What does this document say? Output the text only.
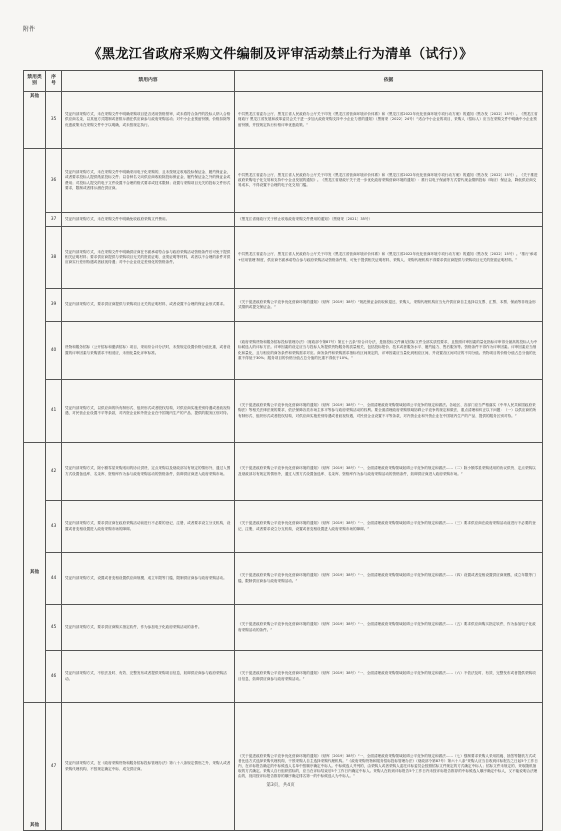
附件
《黑龙江省政府采购文件编制及评审活动禁止行为清单（试行）》
禁用类别	序号	禁用内容	依据
其他	35	凭证内部采购方式，未在采购文件中明确采购项目是否适用资格预审，或未将符合条件的投标人纳入合格供应商名录，以其他方式限制或者排斥潜在供应商参与政府采购活动；对中小企业预留份额、价格扣除等优惠政策未在采购文件中予以明确，或未按规定执行。	中共黑龙江省委办公厅、黑龙江省人民政府办公厅关于印发《黑龙江省营商环境评价体系》和《黑龙江省2022年优化营商环境专项行动方案》的通知（黑办发〔2022〕15号）。《黑龙江省财政厅 黑龙江省发展和改革委员会关于进一步加大政府采购支持中小企业力度的通知》（黑财采〔2022〕24号）“适合中小企业的项目，采购人（招标人）应当在采购文件中明确中小企业预留份额，并按规定执行价格评审优惠政策。”
	36	凭证内部采购方式，未在采购文件中明确采用电子化采购的，且未按规定收取投标保证金、履约保证金，或者要求投标人提供纸质投标文件；以各种名义向供应商收取除投标保证金、履约保证金之外的保证金或费用；对投标人提交的电子文件设置不合理的格式要求或技术限制；设置与采购项目无关的投标文件形式要求，限制或者排斥潜在供应商。	中共黑龙江省委办公厅、黑龙江省人民政府办公厅关于印发《黑龙江省营商环境评价体系》和《黑龙江省2022年优化营商环境专项行动方案》的通知（黑办发〔2022〕15号）。《关于推进政府采购电子化交易和支持中小企业发展的通知》。《黑龙江省财政厅关于进一步优化政府采购营商环境的通知》：推行以电子保函等方式替代现金缴纳投标（响应）保证金，降低供应商交易成本，不得设置不合理的电子化交易门槛。
	37	凭证内部采购方式，未在采购文件中明确免收政府采购文件费用。	《黑龙江省财政厅关于停止收取政府采购文件费用的通知》（黑财采〔2021〕35号）
	38	凭证内部采购方式，未在采购文件中明确供应商在书面承诺符合参与政府采购活动资格条件后可免于提供相关证明材料；要求供应商提供与采购项目无关的资质证明、业绩证明等材料，或者以不合理的条件对供应商实行差别待遇或者歧视待遇；对中小企业设定差别化的资格条件。	中共黑龙江省委办公厅、黑龙江省人民政府办公厅关于印发《黑龙江省营商环境评价体系》和《黑龙江省2022年优化营商环境专项行动方案》的通知（黑办发〔2022〕15号）。“推行‘承诺+信用管理’制度，供应商书面承诺符合参与政府采购活动资格条件的，可免于提供相关证明材料，采购人、采购代理机构不得要求供应商提供与采购项目无关的资质证明材料。”
	39	凭证内部采购方式，要求供应商提供与采购项目无关的证明材料，或者设置不合理的保证金形式要求。	《关于促进政府采购公平竞争优化营商环境的通知》（财库〔2019〕38号）“规范保证金收取和退还，采购人、采购代理机构应当允许供应商自主选择以支票、汇票、本票、保函等非现金形式缴纳或提交保证金。”
	40	货物和服务招标（公开招标和邀请招标）项目，采用综合评分法时，未按规定设置价格分值比重，或者设置的评审因素与采购需求不相适应，未细化量化评审标准。	《政府采购货物和服务招标投标管理办法》（财政部令第87号）第五十五条“综合评分法，是指投标文件满足招标文件全部实质性要求，且按照评审因素的量化指标评审得分最高的投标人为中标候选人的评标方法。评审因素的设定应当与投标人所提供货物服务的质量相关，包括投标报价、技术或者服务水平、履约能力、售后服务等。资格条件不得作为评审因素。评审因素应当细化和量化，且与相应的商务条件和采购需求对应。商务条件和采购需求指标有区间规定的，评审因素应当量化到相应区间，并设置各区间对应的不同分值。货物项目的价格分值占总分值的比重不得低于30%；服务项目的价格分值占总分值的比重不得低于10%。”
	41	凭证内部采购方式，以供应商的所有制形式、组织形式或者股权结构，对供应商实施差别待遇或者歧视待遇，对民营企业设置不平等条款，对内资企业和外资企业在中国境内生产的产品、提供的服务区别对待。	《关于促进政府采购公平竞争优化营商环境的通知》（财库〔2019〕38号）“一、全面清理政府采购领域妨碍公平竞争的规定和做法。各地区、各部门应当严格落实《中华人民共和国政府采购法》等相关法律法规的要求，依法保障各类市场主体平等参与政府采购活动的权利。要全面清理政府采购领域妨碍公平竞争的规定和做法，重点清理和纠正以下问题：（一）以供应商的所有制形式、组织形式或者股权结构，对供应商实施差别待遇或者歧视待遇，对民营企业设置不平等条款，对内资企业和外资企业在中国境内生产的产品、提供的服务区别对待。”
其他	42	凭证内部采购方式，除小额零星采购适用的协议供货、定点采购以及财政部另有规定的情形外，通过入围方式设置备选库、名录库、资格库作为参与政府采购活动的资格条件，妨碍供应商进入政府采购市场。	《关于促进政府采购公平竞争优化营商环境的通知》（财库〔2019〕38号）“一、全面清理政府采购领域妨碍公平竞争的规定和做法……（二）除小额零星采购适用的协议供货、定点采购以及财政部另有规定的情形外，通过入围方式设置备选库、名录库、资格库作为参与政府采购活动的资格条件，妨碍供应商进入政府采购市场。”
	43	凭证内部采购方式，要求供应商在政府采购活动前进行不必要的登记、注册，或者要求设立分支机构，设置或者变相设置进入政府采购市场的障碍。	《关于促进政府采购公平竞争优化营商环境的通知》（财库〔2019〕38号）“一、全面清理政府采购领域妨碍公平竞争的规定和做法……（三）要求供应商在政府采购活动前进行不必要的登记、注册，或者要求设立分支机构，设置或者变相设置进入政府采购市场的障碍。”
	44	凭证内部采购方式，设置或者变相设置供应商规模、成立年限等门槛，限制供应商参与政府采购活动。	《关于促进政府采购公平竞争优化营商环境的通知》（财库〔2019〕38号）“一、全面清理政府采购领域妨碍公平竞争的规定和做法……（四）设置或者变相设置供应商规模、成立年限等门槛，限制供应商参与政府采购活动。”
	45	凭证内部采购方式，要求供应商购买指定软件，作为参加电子化政府采购活动的条件。	《关于促进政府采购公平竞争优化营商环境的通知》（财库〔2019〕38号）“一、全面清理政府采购领域妨碍公平竞争的规定和做法……（五）要求供应商购买指定软件，作为参加电子化政府采购活动的条件。”
	46	凭证内部采购方式，不依法及时、有效、完整发布或者提供采购项目信息，妨碍供应商参与政府采购活动。	《关于促进政府采购公平竞争优化营商环境的通知》（财库〔2019〕38号）“一、全面清理政府采购领域妨碍公平竞争的规定和做法……（六）不依法及时、有效、完整发布或者提供采购项目信息，妨碍供应商参与政府采购活动。”
其他	47	凭证内部采购方式，在《政府采购货物和服务招标投标管理办法》第八十八条规定情形之外，采购人或者采购代理机构，不按规定确定中标、成交供应商。	《关于促进政府采购公平竞争优化营商环境的通知》（财库〔2019〕38号）“一、全面清理政府采购领域妨碍公平竞争的规定和做法……（七）强制要求采购人采用抓阄、抽签等随机方式或者比选方式选择采购代理机构，干预采购人自主选择采购代理机构。”《政府采购货物和服务招标投标管理办法》（财政部令第87号）第六十八条“采购人应当自收到评标报告之日起5个工作日内，在评标报告确定的中标候选人名单中按顺序确定中标人。中标候选人并列的，由采购人或者采购人委托评标委员会按照招标文件规定的方式确定中标人；招标文件未规定的，采取随机抽取的方式确定。采购人自行组织招标的，应当在评标结束后5个工作日内确定中标人。采购人在收到评标报告5个工作日内未按评标报告推荐的中标候选人顺序确定中标人，又不能说明合法理由的，视同按评标报告推荐的顺序确定排名第一的中标候选人为中标人。”
第3页，共4页
